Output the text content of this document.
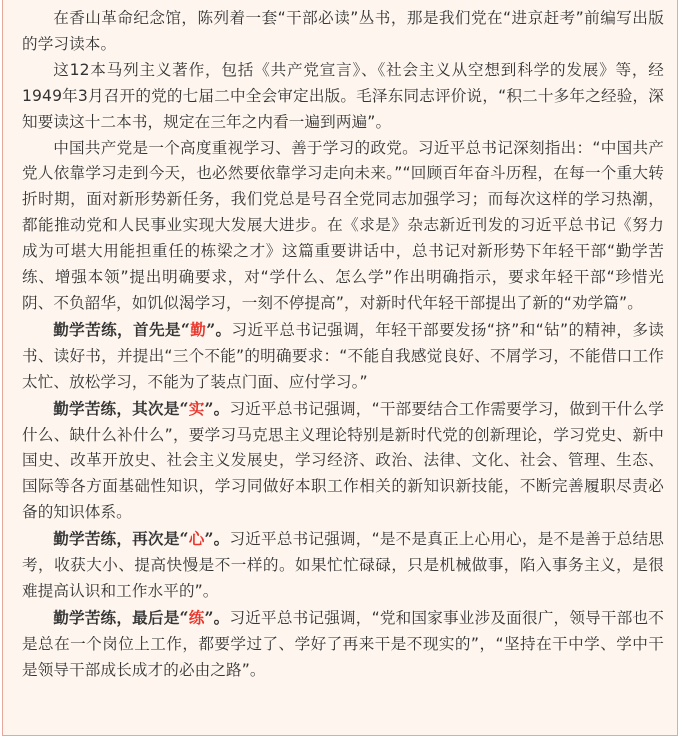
在香山革命纪念馆，陈列着一套“干部必读”丛书，那是我们党在“进京赶考”前编写出版的学习读本。

这12本马列主义著作，包括《共产党宣言》、《社会主义从空想到科学的发展》等，经1949年3月召开的党的七届二中全会审定出版。毛泽东同志评价说，“积二十多年之经验，深知要读这十二本书，规定在三年之内看一遍到两遍”。

中国共产党是一个高度重视学习、善于学习的政党。习近平总书记深刻指出：“中国共产党人依靠学习走到今天，也必然要依靠学习走向未来。”“回顾百年奋斗历程，在每一个重大转折时期，面对新形势新任务，我们党总是号召全党同志加强学习；而每次这样的学习热潮，都能推动党和人民事业实现大发展大进步。在《求是》杂志新近刊发的习近平总书记《努力成为可堪大用能担重任的栋梁之才》这篇重要讲话中，总书记对新形势下年轻干部“勤学苦练、增强本领”提出明确要求，对“学什么、怎么学”作出明确指示，要求年轻干部“珍惜光阴、不负韶华，如饥似渴学习，一刻不停提高”，对新时代年轻干部提出了新的“劝学篇”。

勤学苦练，首先是“勤”。习近平总书记强调，年轻干部要发扬“挤”和“钻”的精神，多读书、读好书，并提出“三个不能”的明确要求：“不能自我感觉良好、不屑学习，不能借口工作太忙、放松学习，不能为了装点门面、应付学习。”

勤学苦练，其次是“实”。习近平总书记强调，“干部要结合工作需要学习，做到干什么学什么、缺什么补什么”，要学习马克思主义理论特别是新时代党的创新理论，学习党史、新中国史、改革开放史、社会主义发展史，学习经济、政治、法律、文化、社会、管理、生态、国际等各方面基础性知识，学习同做好本职工作相关的新知识新技能，不断完善履职尽责必备的知识体系。

勤学苦练，再次是“心”。习近平总书记强调，“是不是真正上心用心，是不是善于总结思考，收获大小、提高快慢是不一样的。如果忙忙碌碌，只是机械做事，陷入事务主义，是很难提高认识和工作水平的”。

勤学苦练，最后是“练”。习近平总书记强调，“党和国家事业涉及面很广，领导干部也不是总在一个岗位上工作，都要学过了、学好了再来干是不现实的”，“坚持在干中学、学中干是领导干部成长成才的必由之路”。
